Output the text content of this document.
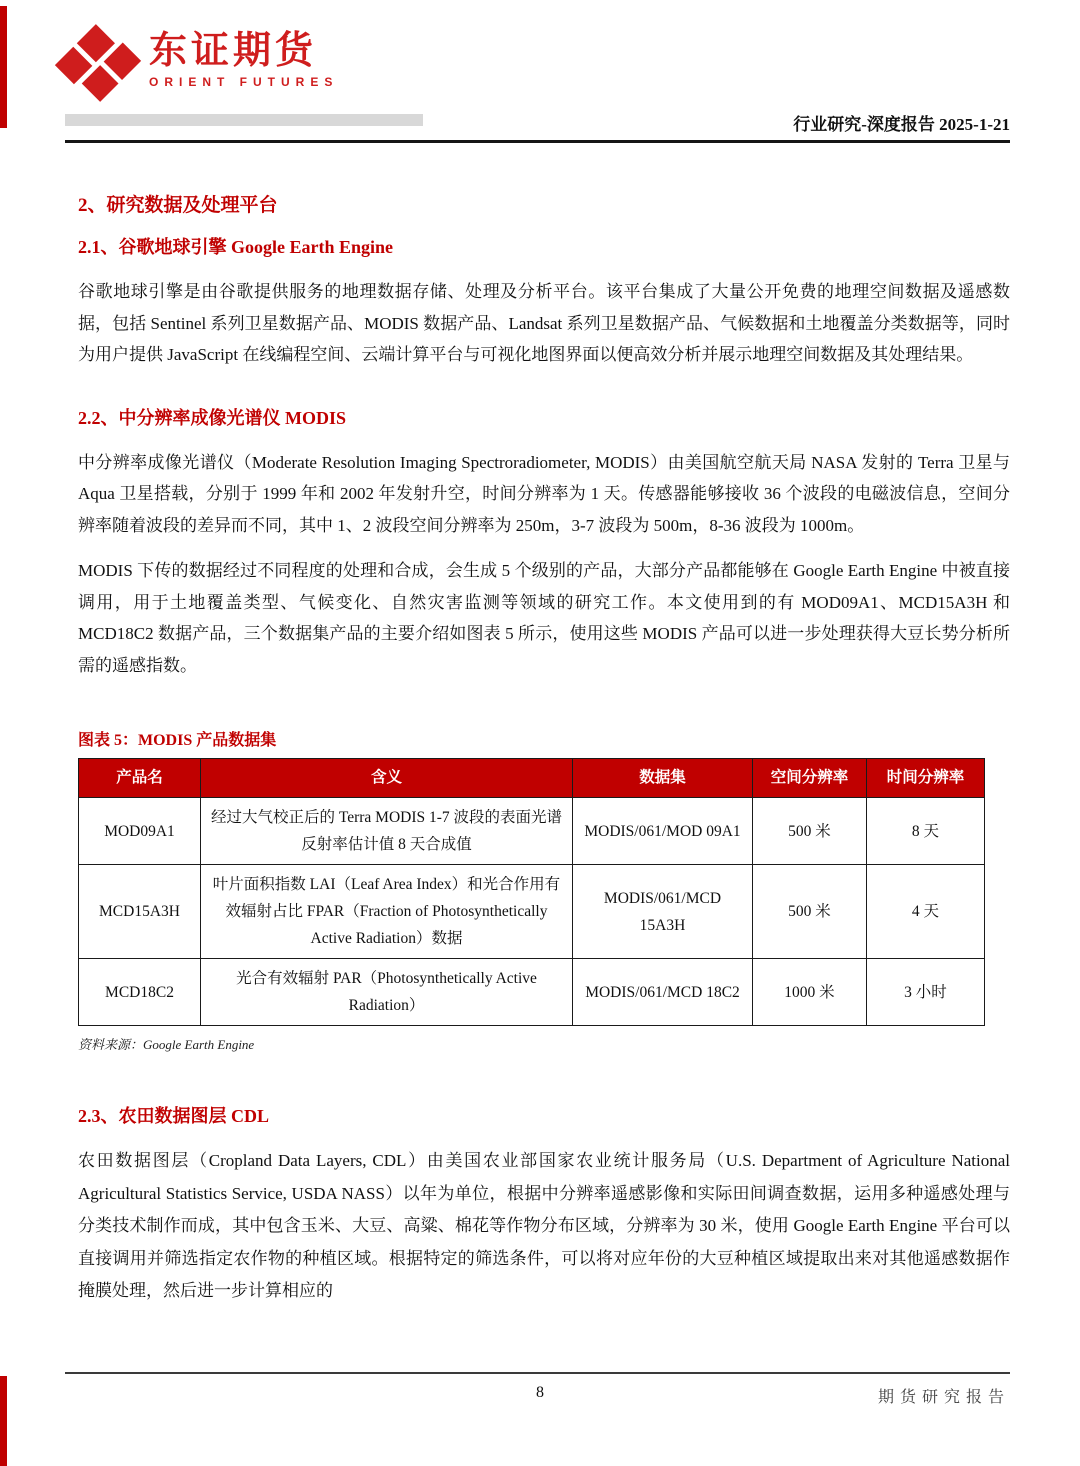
东证期货
ORIENT FUTURES
行业研究-深度报告 2025-1-21
2、研究数据及处理平台
2.1、谷歌地球引擎 Google Earth Engine

谷歌地球引擎是由谷歌提供服务的地理数据存储、处理及分析平台。该平台集成了大量公开免费的地理空间数据及遥感数据，包括 Sentinel 系列卫星数据产品、MODIS 数据产品、Landsat 系列卫星数据产品、气候数据和土地覆盖分类数据等，同时为用户提供 JavaScript 在线编程空间、云端计算平台与可视化地图界面以便高效分析并展示地理空间数据及其处理结果。

2.2、中分辨率成像光谱仪 MODIS

中分辨率成像光谱仪（Moderate Resolution Imaging Spectroradiometer, MODIS）由美国航空航天局 NASA 发射的 Terra 卫星与 Aqua 卫星搭载，分别于 1999 年和 2002 年发射升空，时间分辨率为 1 天。传感器能够接收 36 个波段的电磁波信息，空间分辨率随着波段的差异而不同，其中 1、2 波段空间分辨率为 250m，3-7 波段为 500m，8-36 波段为 1000m。

MODIS 下传的数据经过不同程度的处理和合成，会生成 5 个级别的产品，大部分产品都能够在 Google Earth Engine 中被直接调用，用于土地覆盖类型、气候变化、自然灾害监测等领域的研究工作。本文使用到的有 MOD09A1、MCD15A3H 和 MCD18C2 数据产品，三个数据集产品的主要介绍如图表 5 所示，使用这些 MODIS 产品可以进一步处理获得大豆长势分析所需的遥感指数。

图表 5：MODIS 产品数据集
产品名	含义	数据集	空间分辨率	时间分辨率
MOD09A1	经过大气校正后的 Terra MODIS 1-7 波段的表面光谱反射率估计值 8 天合成值	MODIS/061/MOD 09A1	500 米	8 天
MCD15A3H	叶片面积指数 LAI（Leaf Area Index）和光合作用有效辐射占比 FPAR（Fraction of Photosynthetically Active Radiation）数据	MODIS/061/MCD 15A3H	500 米	4 天
MCD18C2	光合有效辐射 PAR（Photosynthetically Active Radiation）	MODIS/061/MCD 18C2	1000 米	3 小时
资料来源：Google Earth Engine
2.3、农田数据图层 CDL

农田数据图层（Cropland Data Layers, CDL）由美国农业部国家农业统计服务局（U.S. Department of Agriculture National Agricultural Statistics Service, USDA NASS）以年为单位，根据中分辨率遥感影像和实际田间调查数据，运用多种遥感处理与分类技术制作而成，其中包含玉米、大豆、高粱、棉花等作物分布区域，分辨率为 30 米，使用 Google Earth Engine 平台可以直接调用并筛选指定农作物的种植区域。根据特定的筛选条件，可以将对应年份的大豆种植区域提取出来对其他遥感数据作掩膜处理，然后进一步计算相应的

8	期货研究报告
